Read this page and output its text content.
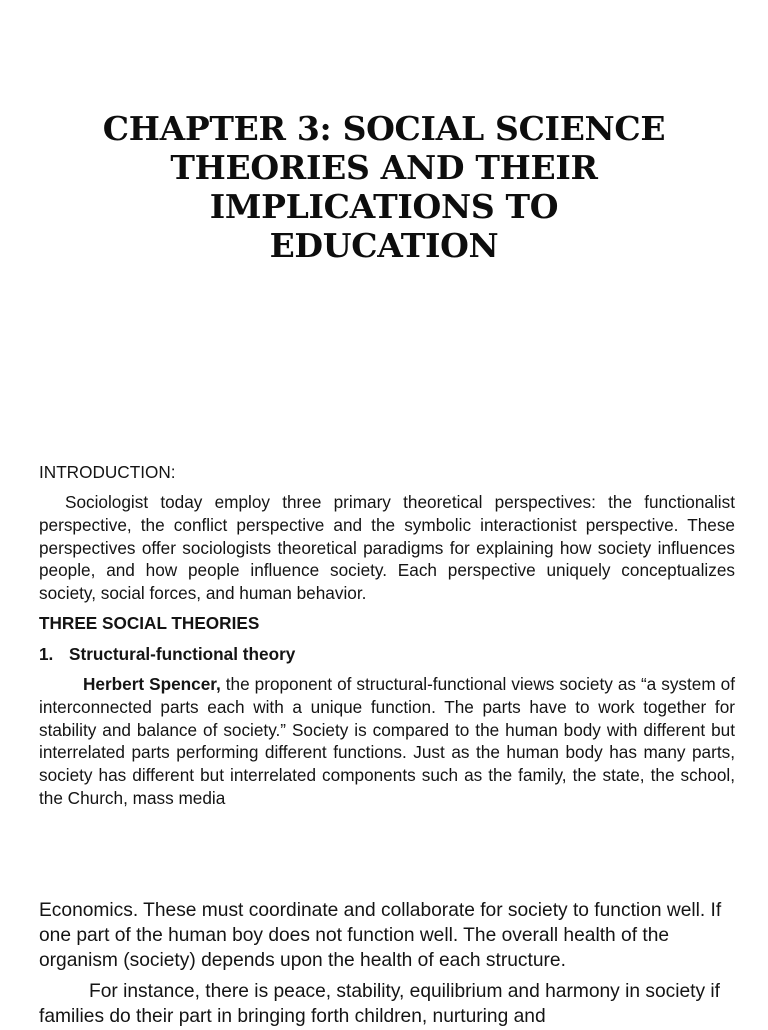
CHAPTER 3: SOCIAL SCIENCE
THEORIES AND THEIR
IMPLICATIONS TO
EDUCATION
INTRODUCTION:

Sociologist today employ three primary theoretical perspectives: the functionalist perspective, the conflict perspective and the symbolic interactionist perspective. These perspectives offer sociologists theoretical paradigms for explaining how society influences people, and how people influence society. Each perspective uniquely conceptualizes society, social forces, and human behavior.

THREE SOCIAL THEORIES
1. Structural-functional theory

Herbert Spencer, the proponent of structural-functional views society as “a system of interconnected parts each with a unique function. The parts have to work together for stability and balance of society.” Society is compared to the human body with different but interrelated parts performing different functions. Just as the human body has many parts, society has different but interrelated components such as the family, the state, the school, the Church, mass media

Economics. These must coordinate and collaborate for society to function well. If one part of the human boy does not function well. The overall health of the organism (society) depends upon the health of each structure.

For instance, there is peace, stability, equilibrium and harmony in society if families do their part in bringing forth children, nurturing and
